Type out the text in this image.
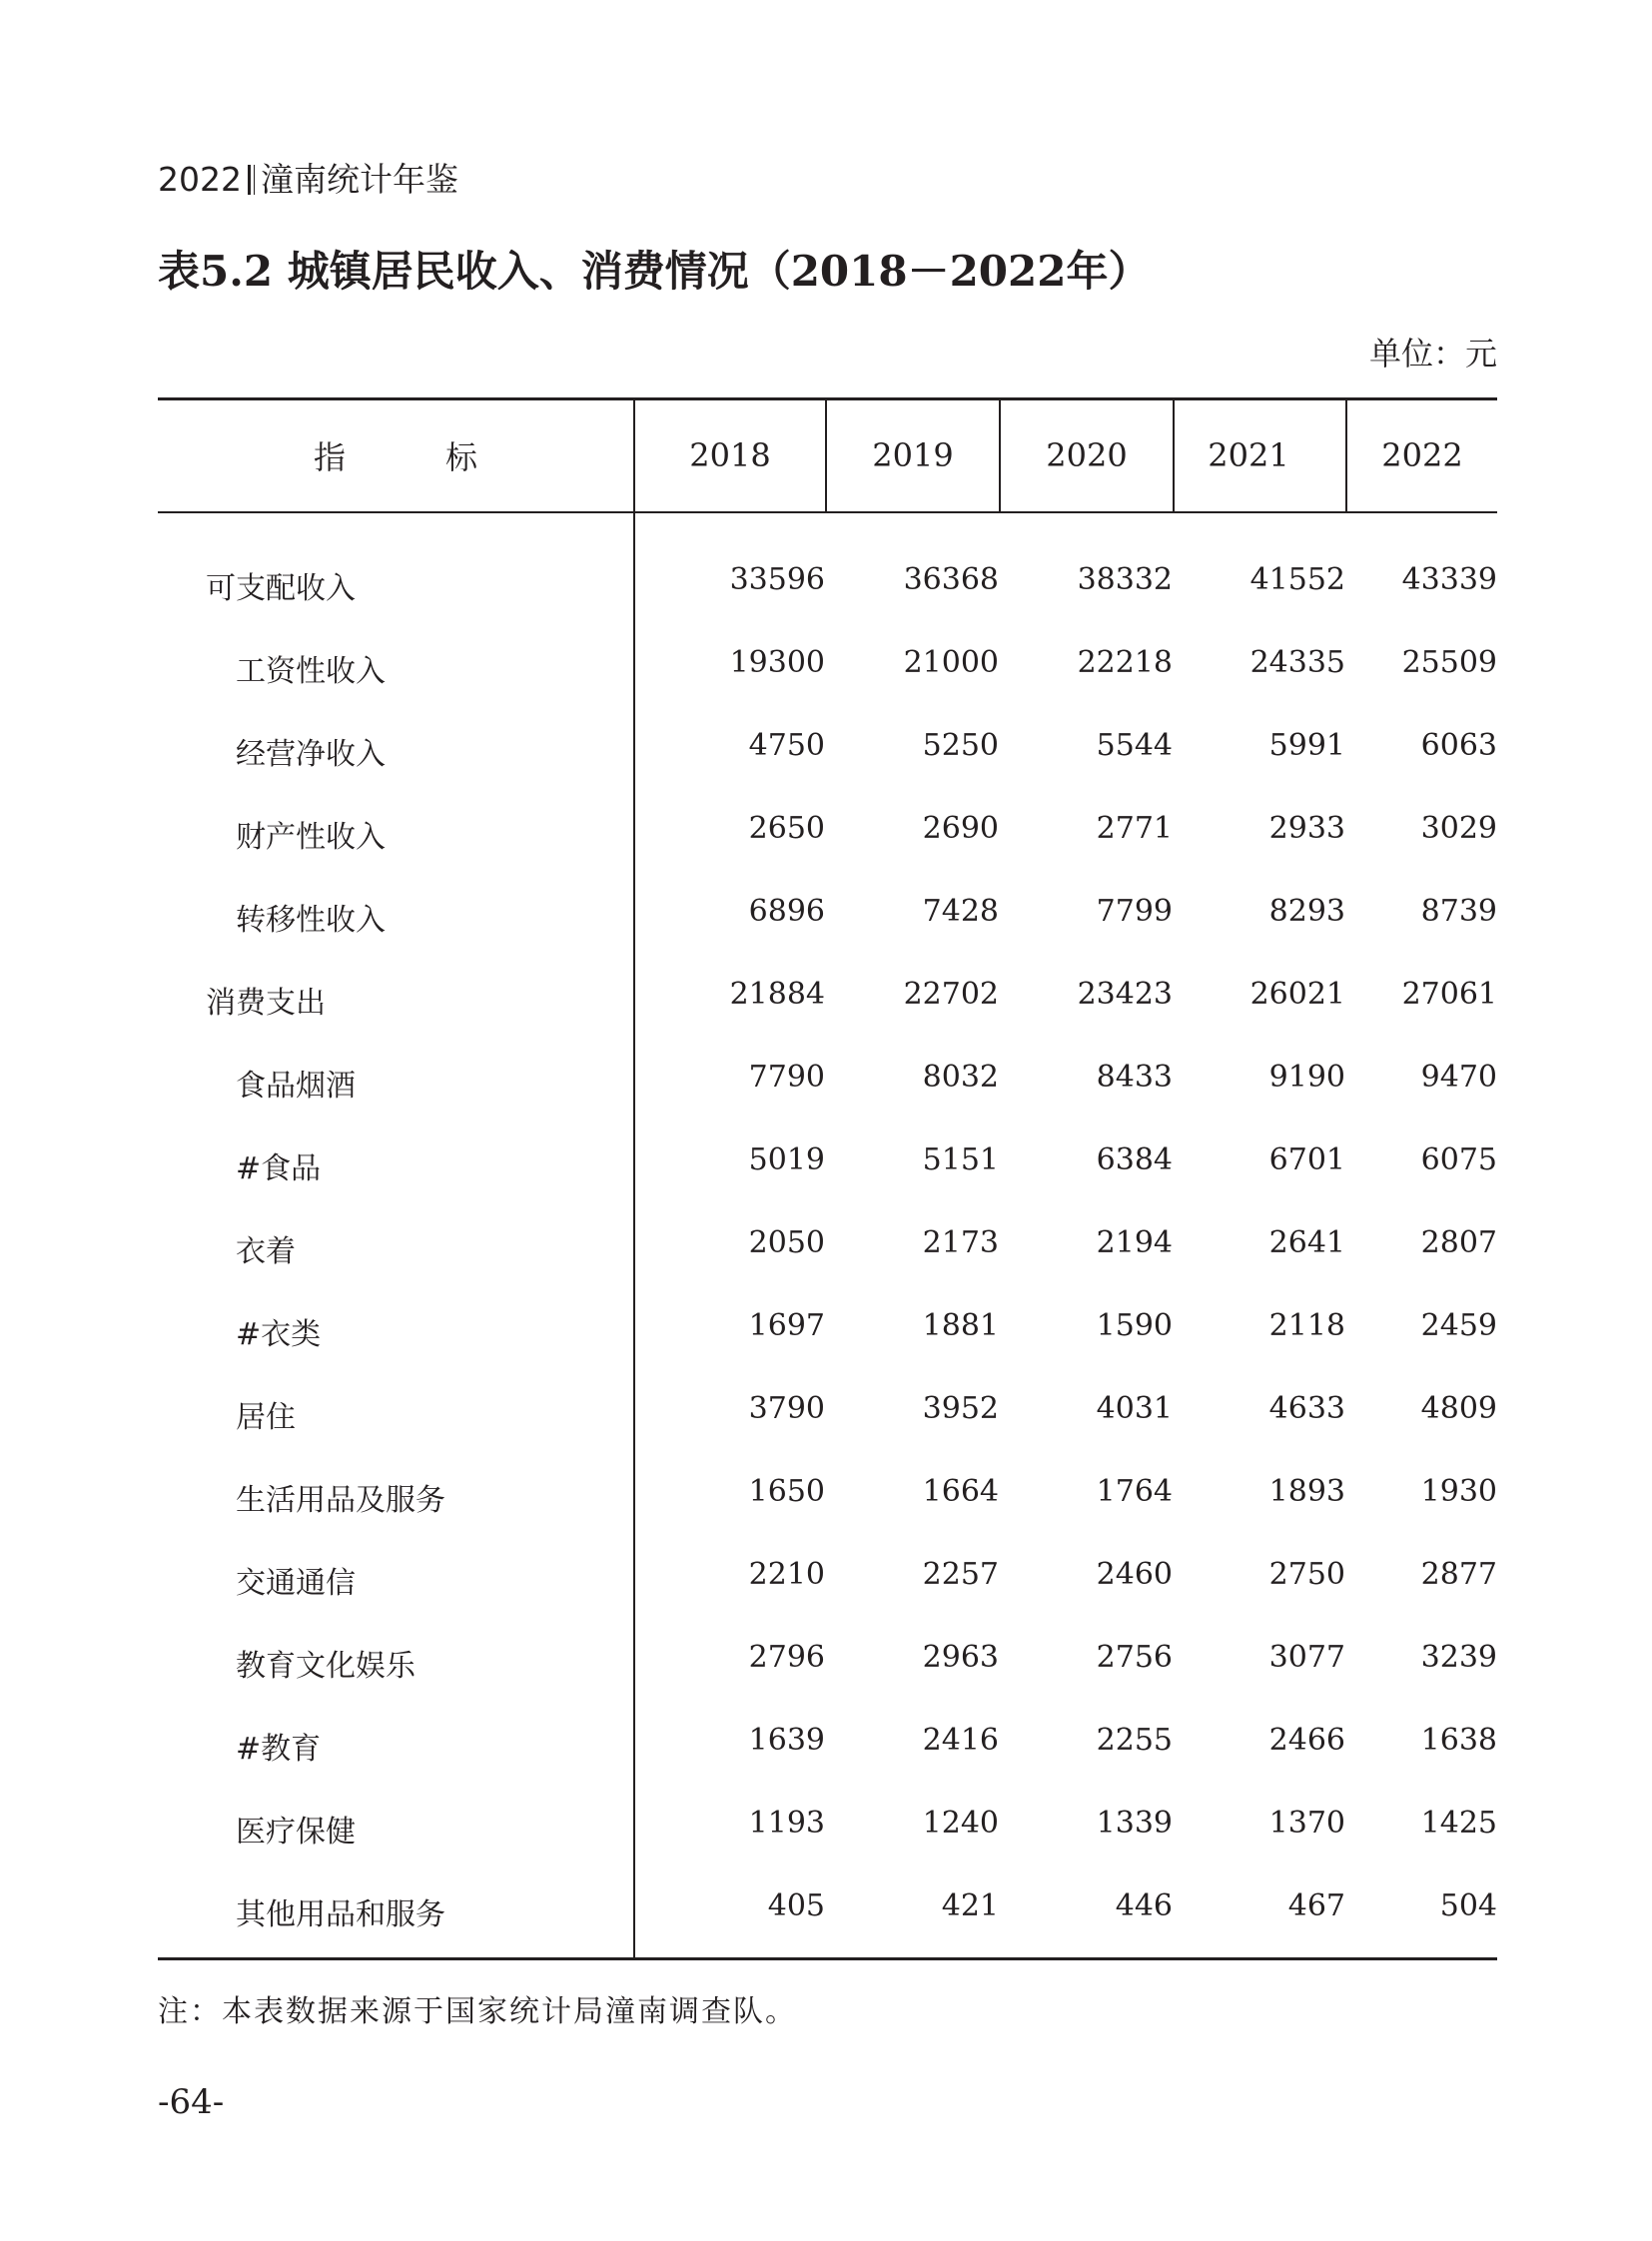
2022 潼南统计年鉴
表5.2 城镇居民收入、消费情况（2018－2022年）
单位：元
指	标	2018	2019	2020	2021	2022
可支配收入	33596	36368	38332	41552	43339
工资性收入	19300	21000	22218	24335	25509
经营净收入	4750	5250	5544	5991	6063
财产性收入	2650	2690	2771	2933	3029
转移性收入	6896	7428	7799	8293	8739
消费支出	21884	22702	23423	26021	27061
食品烟酒	7790	8032	8433	9190	9470
#食品	5019	5151	6384	6701	6075
衣着	2050	2173	2194	2641	2807
#衣类	1697	1881	1590	2118	2459
居住	3790	3952	4031	4633	4809
生活用品及服务	1650	1664	1764	1893	1930
交通通信	2210	2257	2460	2750	2877
教育文化娱乐	2796	2963	2756	3077	3239
#教育	1639	2416	2255	2466	1638
医疗保健	1193	1240	1339	1370	1425
其他用品和服务	405	421	446	467	504
注：本表数据来源于国家统计局潼南调查队。
-64-
